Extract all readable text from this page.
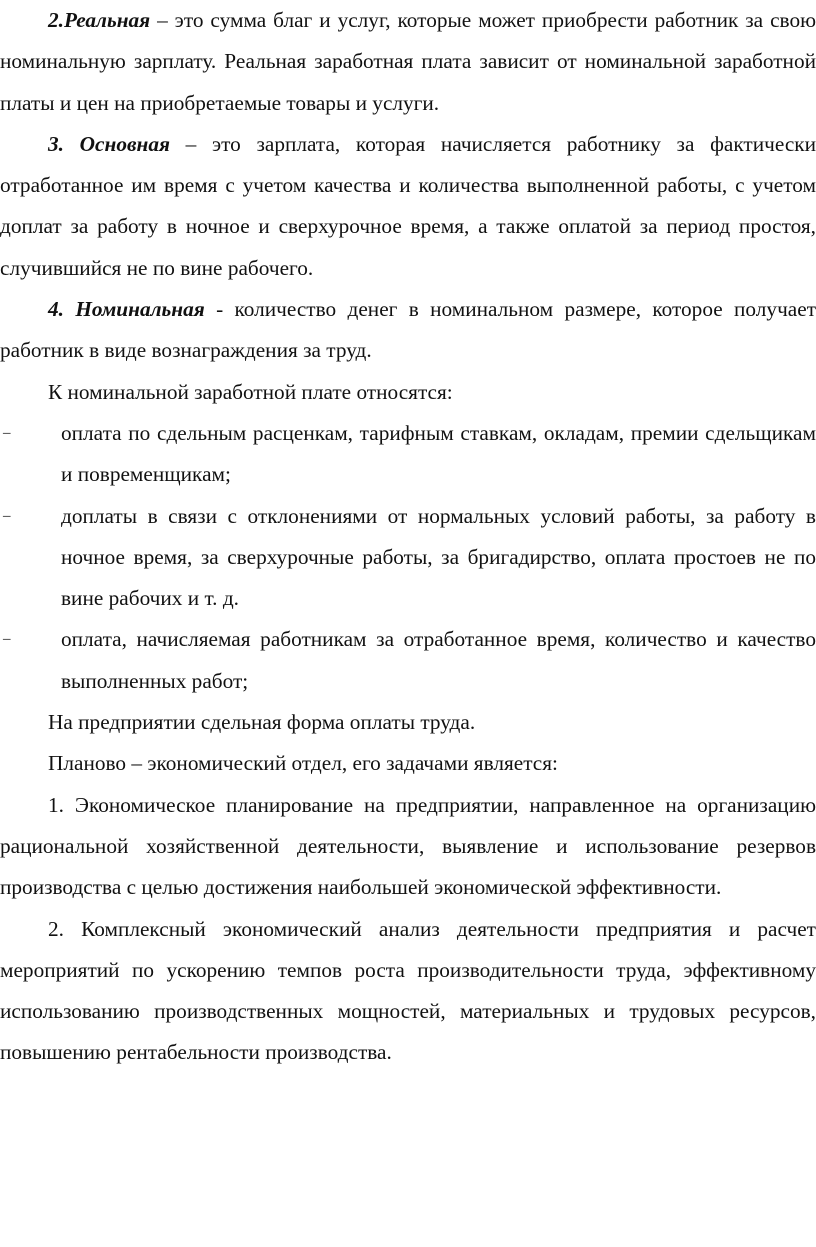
2.Реальная – это сумма благ и услуг, которые может приобрести работник за свою номинальную зарплату. Реальная заработная плата зависит от номинальной заработной платы и цен на приобретаемые товары и услуги.

3. Основная – это зарплата, которая начисляется работнику за фактически отработанное им время с учетом качества и количества выполненной работы, с учетом доплат за работу в ночное и сверхурочное время, а также оплатой за период простоя, случившийся не по вине рабочего.

4. Номинальная - количество денег в номинальном размере, которое получает работник в виде вознаграждения за труд.

К номинальной заработной плате относятся:

– оплата по сдельным расценкам, тарифным ставкам, окладам, премии сдельщикам и повременщикам;
– доплаты в связи с отклонениями от нормальных условий работы, за работу в ночное время, за сверхурочные работы, за бригадирство, оплата простоев не по вине рабочих и т. д.
– оплата, начисляемая работникам за отработанное время, количество и качество выполненных работ;

На предприятии сдельная форма оплаты труда.

Планово – экономический отдел, его задачами является:

1. Экономическое планирование на предприятии, направленное на организацию рациональной хозяйственной деятельности, выявление и использование резервов производства с целью достижения наибольшей экономической эффективности.

2. Комплексный экономический анализ деятельности предприятия и расчет мероприятий по ускорению темпов роста производительности труда, эффективному использованию производственных мощностей, материальных и трудовых ресурсов, повышению рентабельности производства.
